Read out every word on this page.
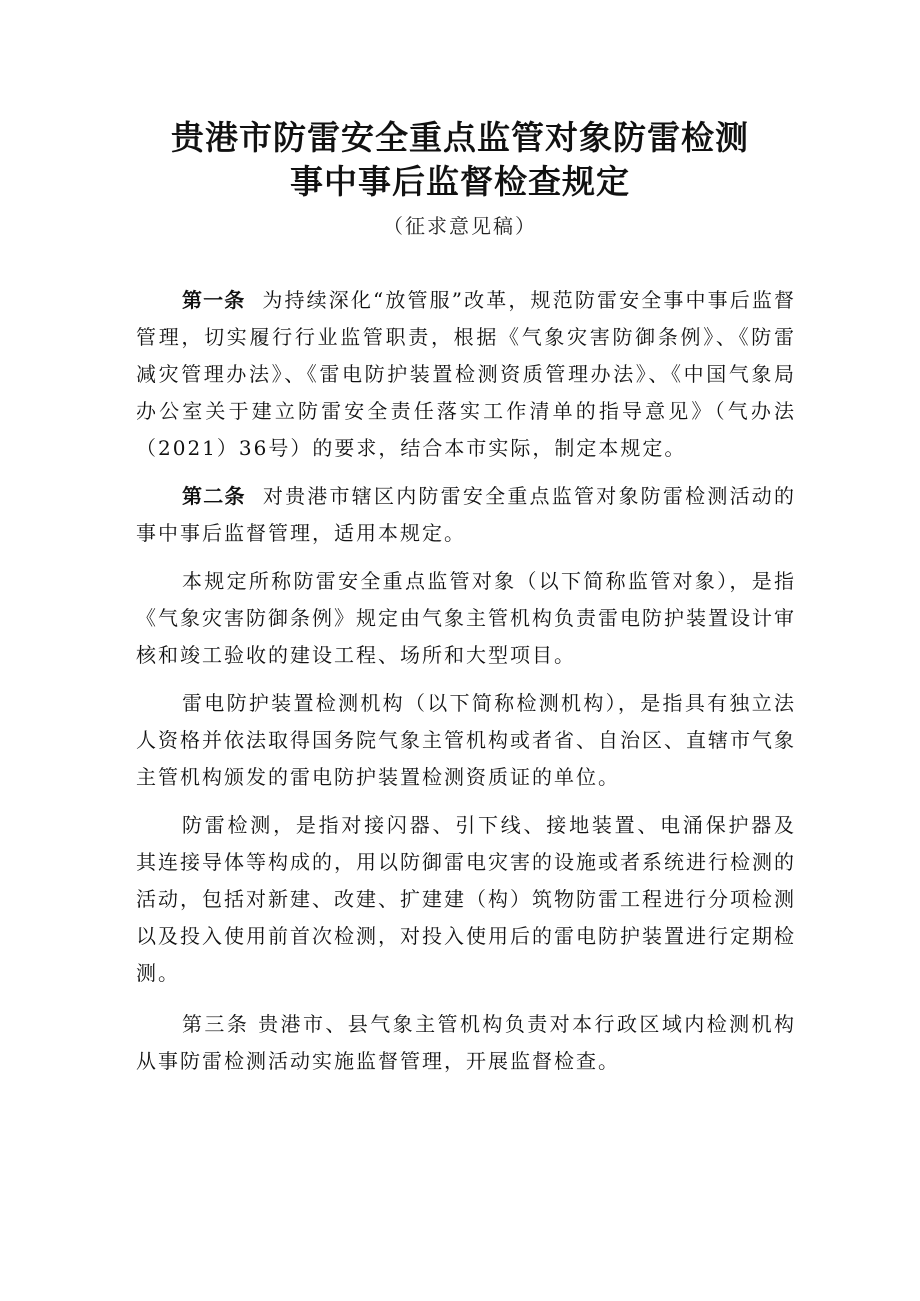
贵港市防雷安全重点监管对象防雷检测
事中事后监督检查规定
（征求意见稿）

第一条 为持续深化“放管服”改革，规范防雷安全事中事后监督管理，切实履行行业监管职责，根据《气象灾害防御条例》、《防雷减灾管理办法》、《雷电防护装置检测资质管理办法》、《中国气象局办公室关于建立防雷安全责任落实工作清单的指导意见》（气办法（2021）36号）的要求，结合本市实际，制定本规定。

第二条 对贵港市辖区内防雷安全重点监管对象防雷检测活动的事中事后监督管理，适用本规定。

本规定所称防雷安全重点监管对象（以下简称监管对象），是指《气象灾害防御条例》规定由气象主管机构负责雷电防护装置设计审核和竣工验收的建设工程、场所和大型项目。

雷电防护装置检测机构（以下简称检测机构），是指具有独立法人资格并依法取得国务院气象主管机构或者省、自治区、直辖市气象主管机构颁发的雷电防护装置检测资质证的单位。

防雷检测，是指对接闪器、引下线、接地装置、电涌保护器及其连接导体等构成的，用以防御雷电灾害的设施或者系统进行检测的活动，包括对新建、改建、扩建建（构）筑物防雷工程进行分项检测以及投入使用前首次检测，对投入使用后的雷电防护装置进行定期检测。

第三条 贵港市、县气象主管机构负责对本行政区域内检测机构从事防雷检测活动实施监督管理，开展监督检查。
